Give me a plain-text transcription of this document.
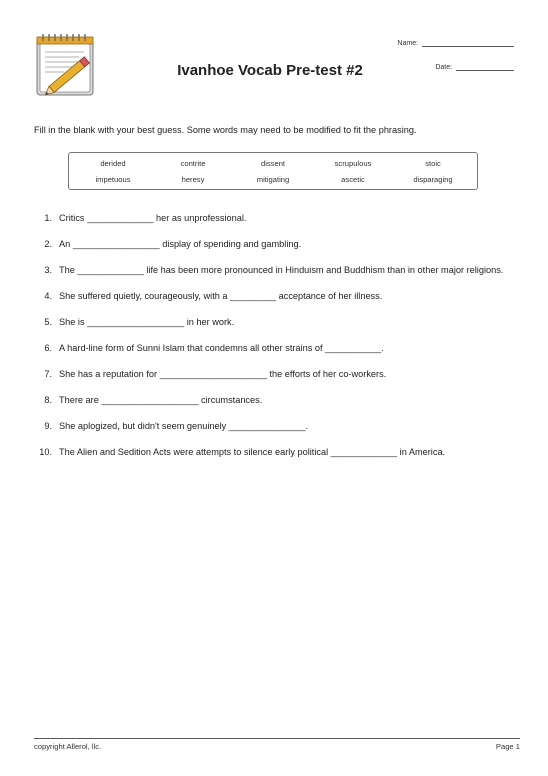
Ivanhoe Vocab Pre-test #2
Name:
Date:
Fill in the blank with your best guess. Some words may need to be modified to fit the phrasing.
derided	contrite	dissent	scrupulous	stoic
impetuous	heresy	mitigating	ascetic	disparaging
1. Critics _____________ her as unprofessional.
2. An _________________ display of spending and gambling.
3. The _____________ life has been more pronounced in Hinduism and Buddhism than in other major religions.
4. She suffered quietly, courageously, with a _________ acceptance of her illness.
5. She is ___________________ in her work.
6. A hard-line form of Sunni Islam that condemns all other strains of ___________.
7. She has a reputation for _____________________ the efforts of her co-workers.
8. There are ___________________ circumstances.
9. She aplogized, but didn't seem genuinely _______________.
10. The Alien and Sedition Acts were attempts to silence early political _____________ in America.
copyright Allerol, llc.	Page 1
